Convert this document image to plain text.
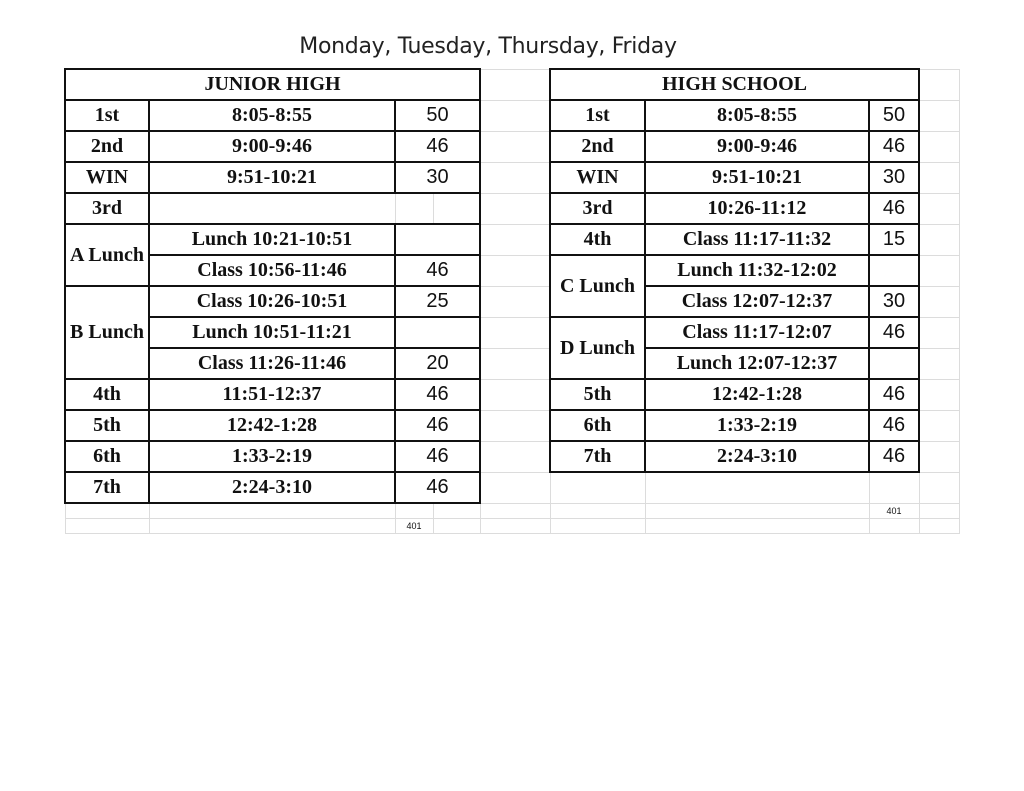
Monday, Tuesday, Thursday, Friday
JUNIOR HIGH					HIGH SCHOOL			
1st	8:05-8:55	50			1st	8:05-8:55	50	
2nd	9:00-9:46	46			2nd	9:00-9:46	46	
WIN	9:51-10:21	30			WIN	9:51-10:21	30	
3rd					3rd	10:26-11:12	46	
A Lunch	Lunch 10:21-10:51				4th	Class 11:17-11:32	15	
	Class 10:56-11:46	46			C Lunch	Lunch 11:32-12:02		
B Lunch	Class 10:26-10:51	25				Class 12:07-12:37	30	
	Lunch 10:51-11:21				D Lunch	Class 11:17-12:07	46	
	Class 11:26-11:46	20				Lunch 12:07-12:37		
4th	11:51-12:37	46			5th	12:42-1:28	46	
5th	12:42-1:28	46			6th	1:33-2:19	46	
6th	1:33-2:19	46			7th	2:24-3:10	46	
7th	2:24-3:10	46						
							401	
		401						
